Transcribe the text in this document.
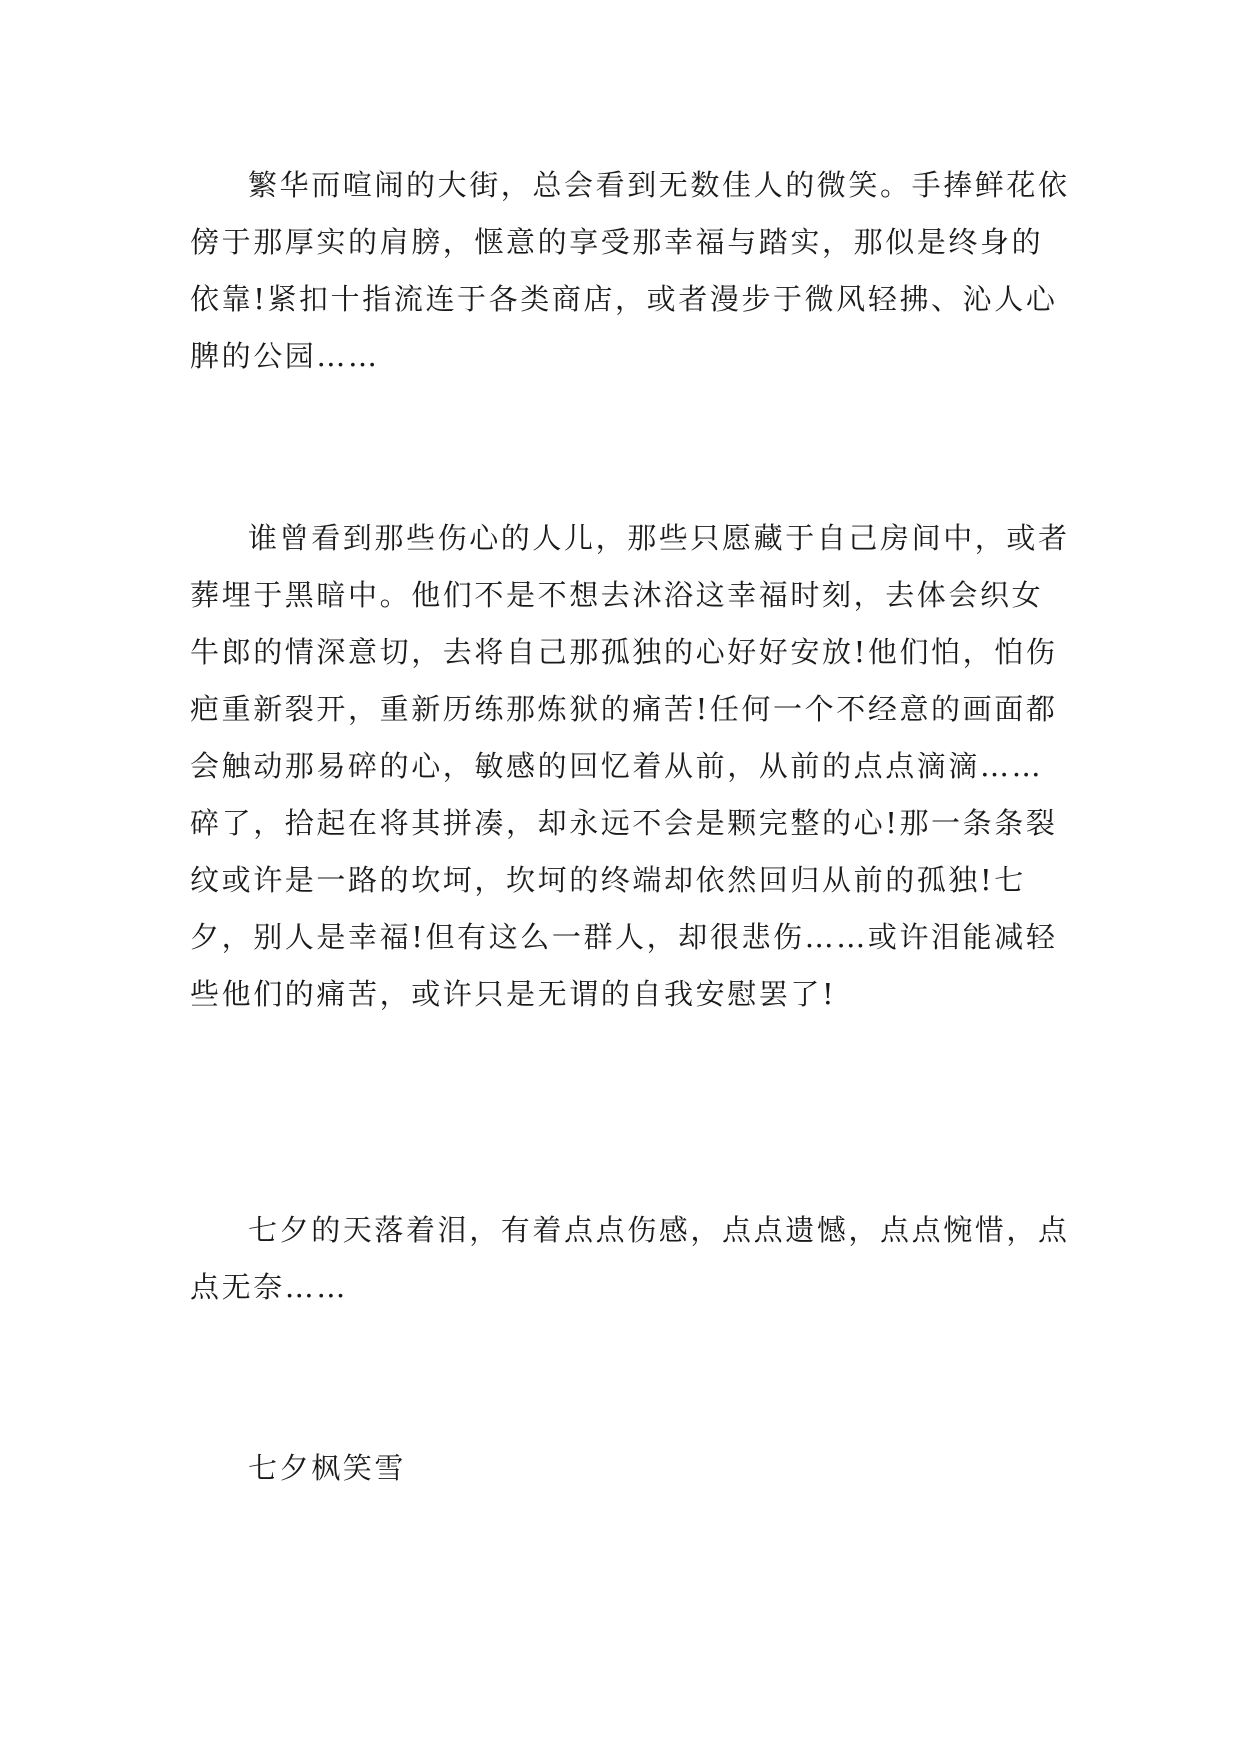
繁华而喧闹的大街，总会看到无数佳人的微笑。手捧鲜花依傍于那厚实的肩膀，惬意的享受那幸福与踏实，那似是终身的依靠!紧扣十指流连于各类商店，或者漫步于微风轻拂、沁人心脾的公园……

谁曾看到那些伤心的人儿，那些只愿藏于自己房间中，或者葬埋于黑暗中。他们不是不想去沐浴这幸福时刻，去体会织女牛郎的情深意切，去将自己那孤独的心好好安放!他们怕，怕伤疤重新裂开，重新历练那炼狱的痛苦!任何一个不经意的画面都会触动那易碎的心，敏感的回忆着从前，从前的点点滴滴……碎了，拾起在将其拼凑，却永远不会是颗完整的心!那一条条裂纹或许是一路的坎坷，坎坷的终端却依然回归从前的孤独!七夕，别人是幸福!但有这么一群人，却很悲伤……或许泪能减轻些他们的痛苦，或许只是无谓的自我安慰罢了!

七夕的天落着泪，有着点点伤感，点点遗憾，点点惋惜，点点无奈……

七夕枫笑雪
